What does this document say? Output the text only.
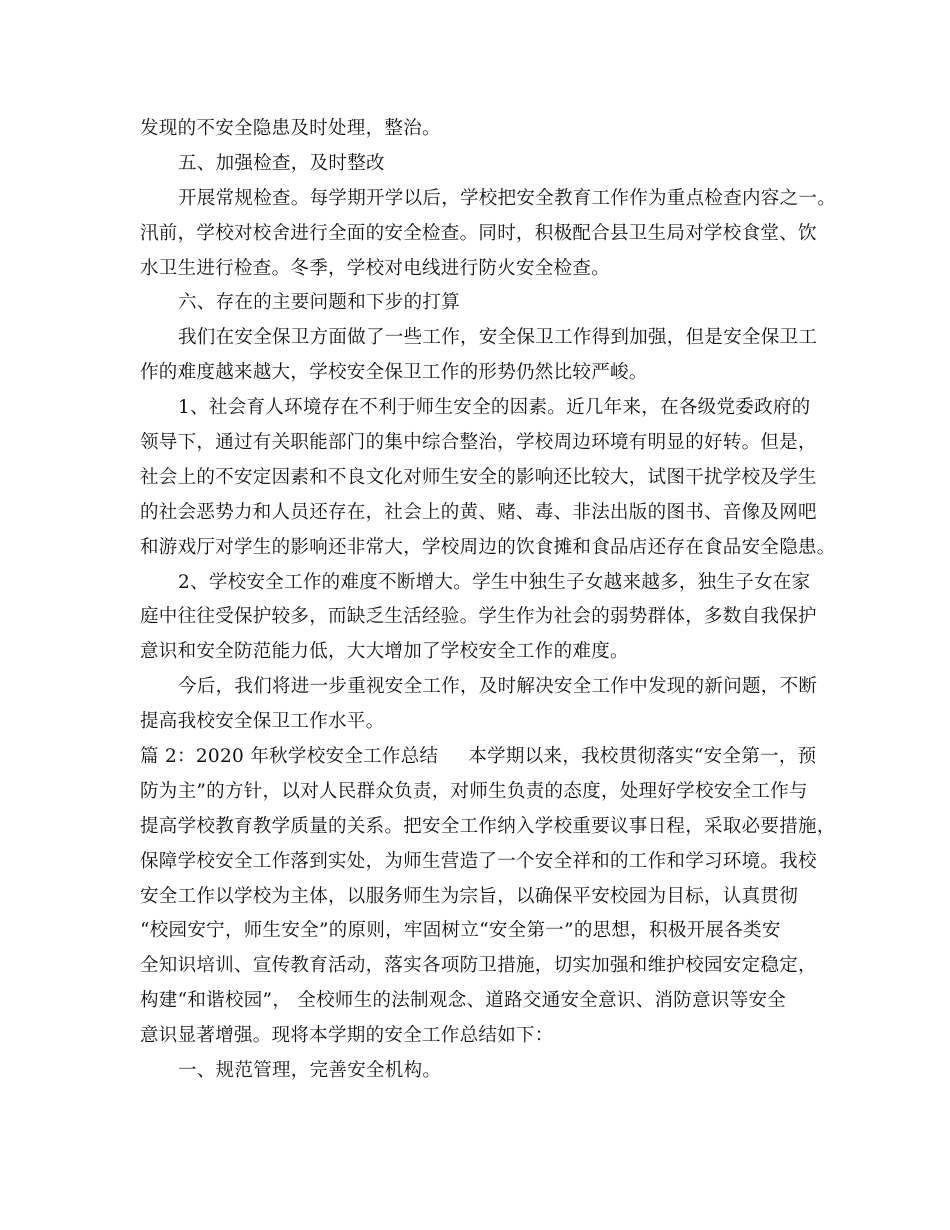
发现的不安全隐患及时处理，整治。
五、加强检查，及时整改
开展常规检查。每学期开学以后，学校把安全教育工作作为重点检查内容之一。
汛前，学校对校舍进行全面的安全检查。同时，积极配合县卫生局对学校食堂、饮
水卫生进行检查。冬季，学校对电线进行防火安全检查。
六、存在的主要问题和下步的打算
我们在安全保卫方面做了一些工作，安全保卫工作得到加强，但是安全保卫工
作的难度越来越大，学校安全保卫工作的形势仍然比较严峻。
1、社会育人环境存在不利于师生安全的因素。近几年来，在各级党委政府的
领导下，通过有关职能部门的集中综合整治，学校周边环境有明显的好转。但是，
社会上的不安定因素和不良文化对师生安全的影响还比较大，试图干扰学校及学生
的社会恶势力和人员还存在，社会上的黄、赌、毒、非法出版的图书、音像及网吧
和游戏厅对学生的影响还非常大，学校周边的饮食摊和食品店还存在食品安全隐患。
2、学校安全工作的难度不断增大。学生中独生子女越来越多，独生子女在家
庭中往往受保护较多，而缺乏生活经验。学生作为社会的弱势群体，多数自我保护
意识和安全防范能力低，大大增加了学校安全工作的难度。
今后，我们将进一步重视安全工作，及时解决安全工作中发现的新问题，不断
提高我校安全保卫工作水平。
篇 2：2020 年秋学校安全工作总结 本学期以来，我校贯彻落实“安全第一，预
防为主”的方针，以对人民群众负责，对师生负责的态度，处理好学校安全工作与
提高学校教育教学质量的关系。把安全工作纳入学校重要议事日程，采取必要措施，
保障学校安全工作落到实处，为师生营造了一个安全祥和的工作和学习环境。我校
安全工作以学校为主体，以服务师生为宗旨，以确保平安校园为目标，认真贯彻
“校园安宁，师生安全”的原则，牢固树立“安全第一”的思想，积极开展各类安
全知识培训、宣传教育活动，落实各项防卫措施，切实加强和维护校园安定稳定，
构建“和谐校园”， 全校师生的法制观念、道路交通安全意识、消防意识等安全
意识显著增强。现将本学期的安全工作总结如下：
一、规范管理，完善安全机构。
